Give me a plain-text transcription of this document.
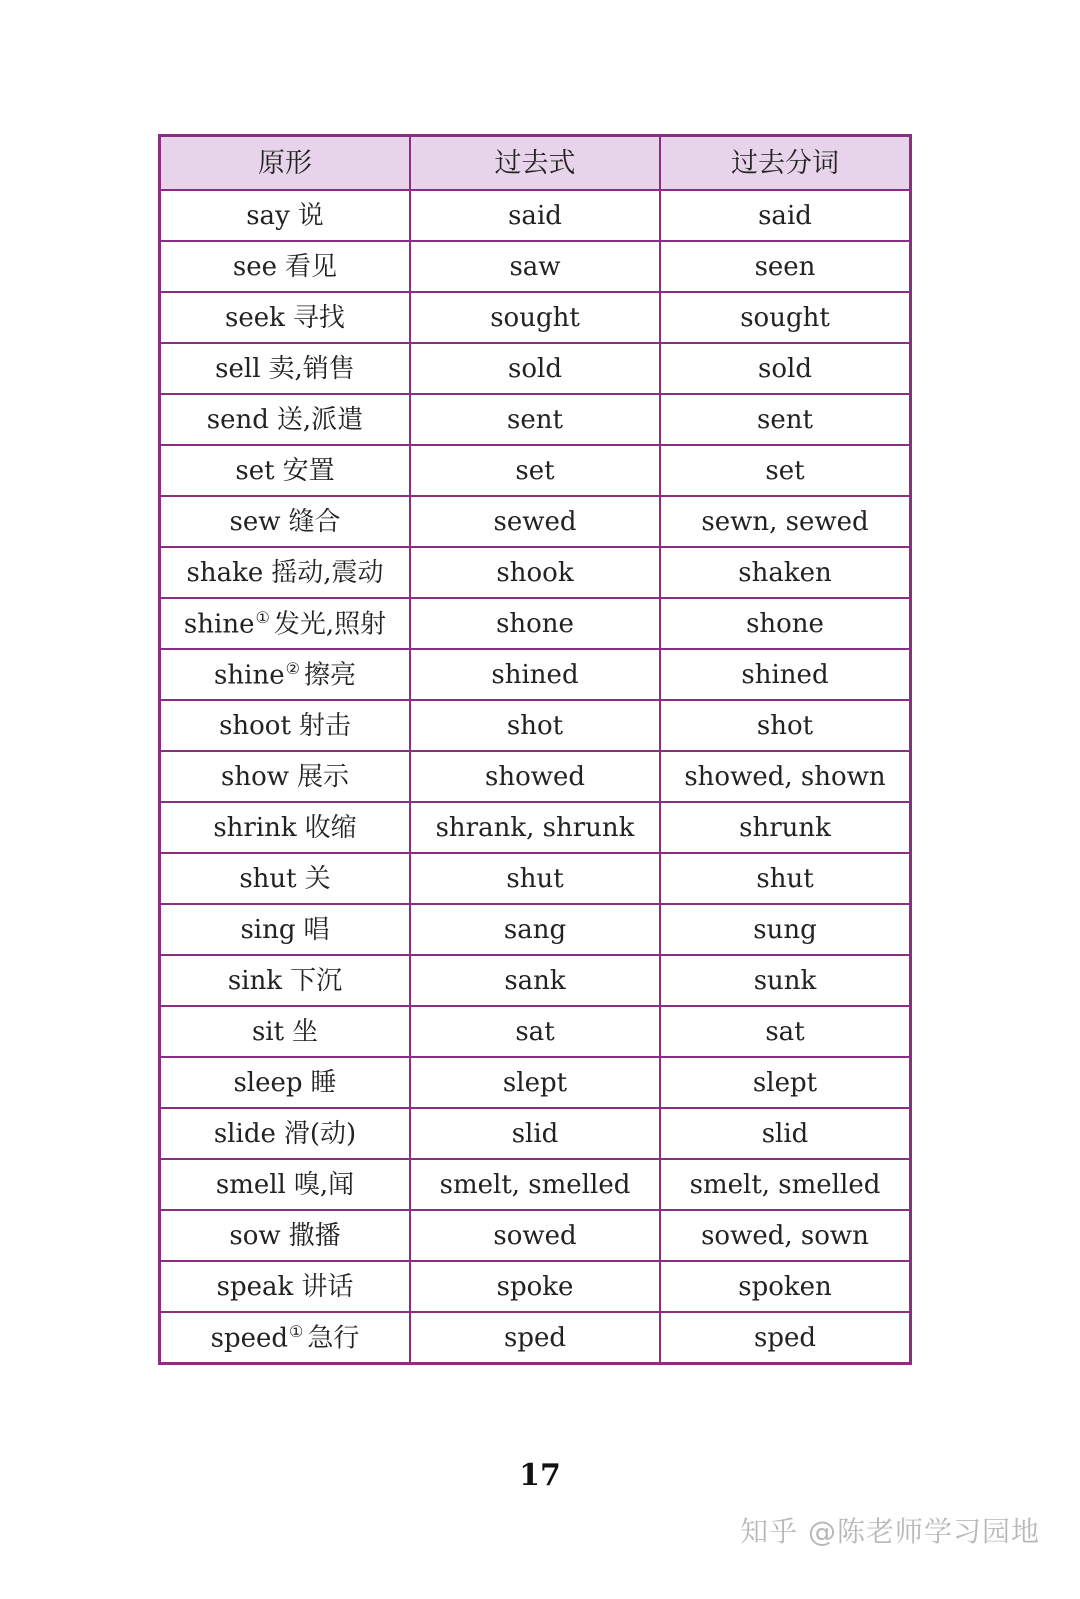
原形	过去式	过去分词
say 说	said	said
see 看见	saw	seen
seek 寻找	sought	sought
sell 卖,销售	sold	sold
send 送,派遣	sent	sent
set 安置	set	set
sew 缝合	sewed	sewn, sewed
shake 摇动,震动	shook	shaken
shine① 发光,照射	shone	shone
shine② 擦亮	shined	shined
shoot 射击	shot	shot
show 展示	showed	showed, shown
shrink 收缩	shrank, shrunk	shrunk
shut 关	shut	shut
sing 唱	sang	sung
sink 下沉	sank	sunk
sit 坐	sat	sat
sleep 睡	slept	slept
slide 滑(动)	slid	slid
smell 嗅,闻	smelt, smelled	smelt, smelled
sow 撒播	sowed	sowed, sown
speak 讲话	spoke	spoken
speed① 急行	sped	sped
17
知乎 @陈老师学习园地
